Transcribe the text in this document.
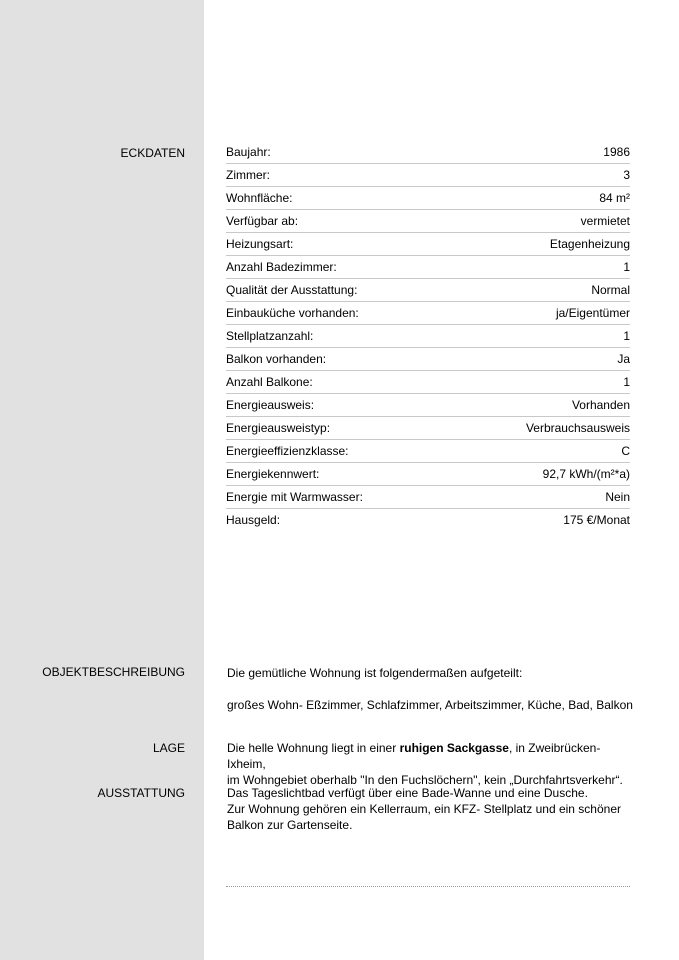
ECKDATEN	Baujahr:	1986
Zimmer:	3
Wohnfläche:	84 m²
Verfügbar ab:	vermietet
Heizungsart:	Etagenheizung
Anzahl Badezimmer:	1
Qualität der Ausstattung:	Normal
Einbauküche vorhanden:	ja/Eigentümer
Stellplatzanzahl:	1
Balkon vorhanden:	Ja
Anzahl Balkone:	1
Energieausweis:	Vorhanden
Energieausweistyp:	Verbrauchsausweis
Energieeffizienzklasse:	C
Energiekennwert:	92,7 kWh/(m²*a)
Energie mit Warmwasser:	Nein
Hausgeld:	175 €/Monat
OBJEKTBESCHREIBUNG	Die gemütliche Wohnung ist folgendermaßen aufgeteilt:

großes Wohn- Eßzimmer, Schlafzimmer, Arbeitszimmer, Küche, Bad, Balkon

LAGE	Die helle Wohnung liegt in einer ruhigen Sackgasse, in Zweibrücken-Ixheim,

im Wohngebiet oberhalb "In den Fuchslöchern", kein „Durchfahrtsverkehr“.

AUSSTATTUNG	Das Tageslichtbad verfügt über eine Bade-Wanne und eine Dusche.

Zur Wohnung gehören ein Kellerraum, ein KFZ- Stellplatz und ein schöner

Balkon zur Gartenseite.
